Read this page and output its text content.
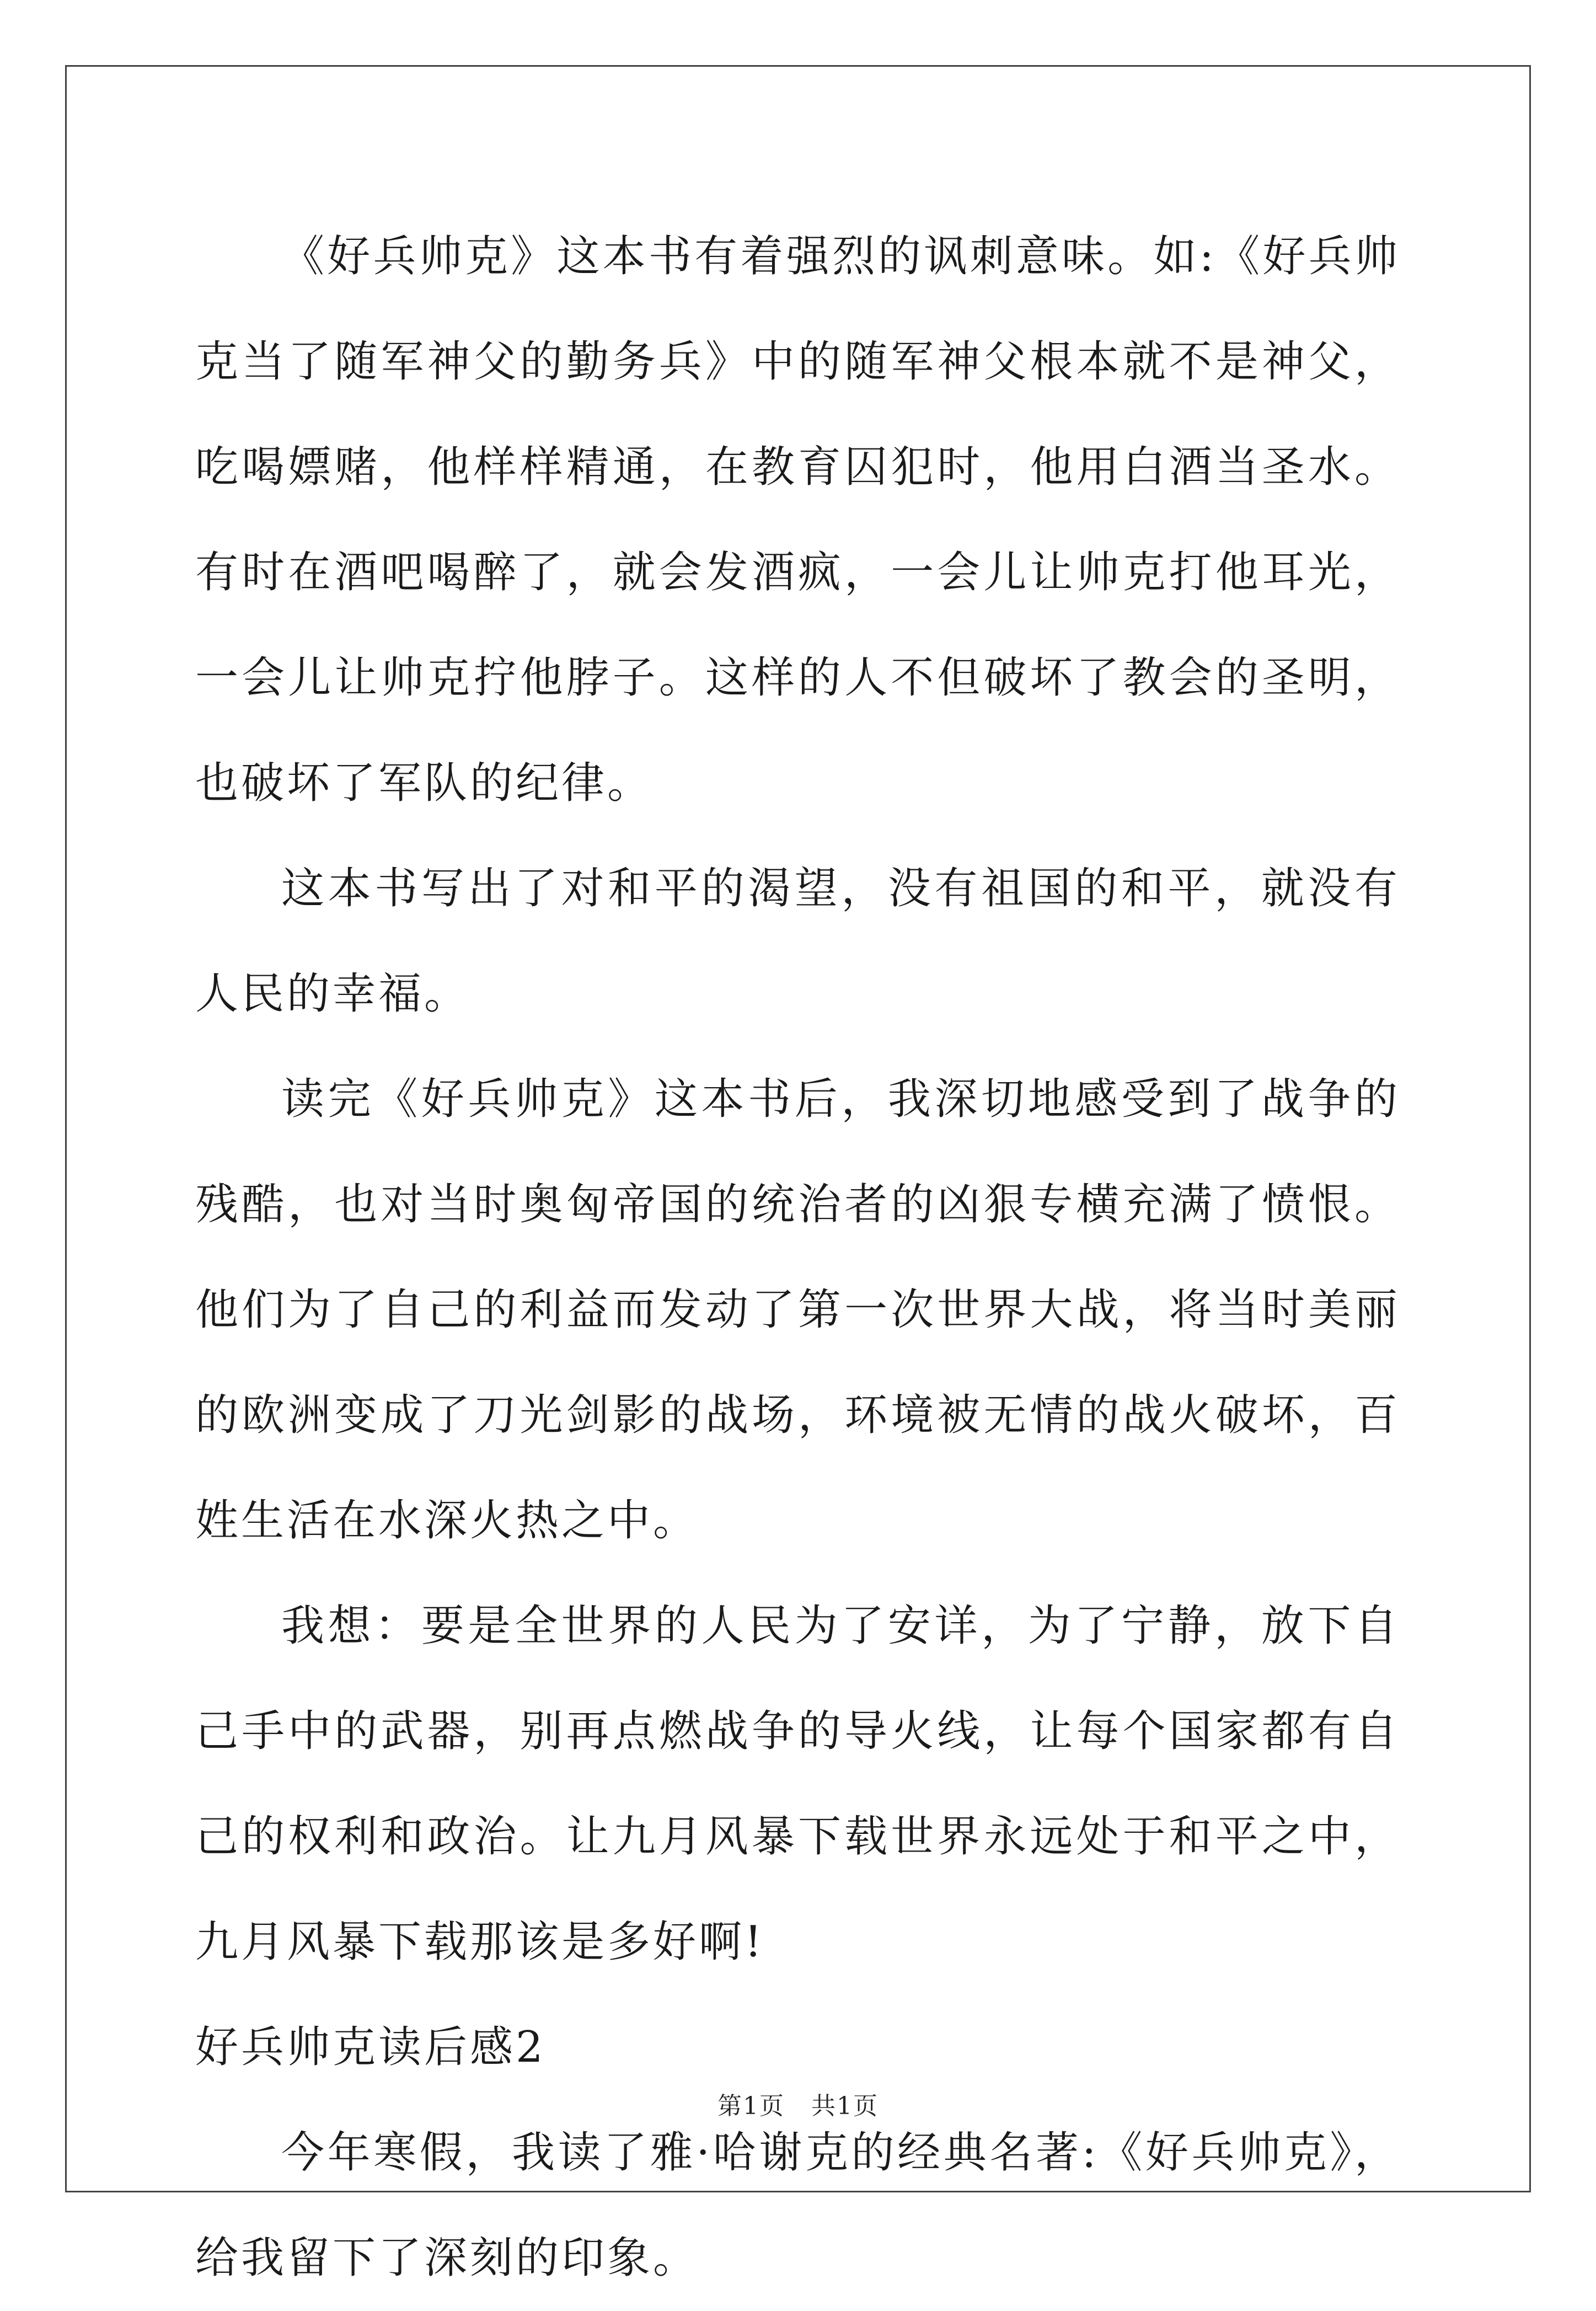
《好兵帅克》这本书有着强烈的讽刺意味。如:《好兵帅克当了随军神父的勤务兵》中的随军神父根本就不是神父，吃喝嫖赌，他样样精通，在教育囚犯时，他用白酒当圣水。有时在酒吧喝醉了，就会发酒疯，一会儿让帅克打他耳光，一会儿让帅克拧他脖子。这样的人不但破坏了教会的圣明，也破坏了军队的纪律。

这本书写出了对和平的渴望，没有祖国的和平，就没有人民的幸福。

读完《好兵帅克》这本书后，我深切地感受到了战争的残酷，也对当时奥匈帝国的统治者的凶狠专横充满了愤恨。他们为了自己的利益而发动了第一次世界大战，将当时美丽的欧洲变成了刀光剑影的战场，环境被无情的战火破坏，百姓生活在水深火热之中。

我想：要是全世界的人民为了安详，为了宁静，放下自己手中的武器，别再点燃战争的导火线，让每个国家都有自己的权利和政治。让九月风暴下载世界永远处于和平之中，九月风暴下载那该是多好啊!

好兵帅克读后感2

今年寒假，我读了雅·哈谢克的经典名著:《好兵帅克》，给我留下了深刻的印象。

第1页 共1页
